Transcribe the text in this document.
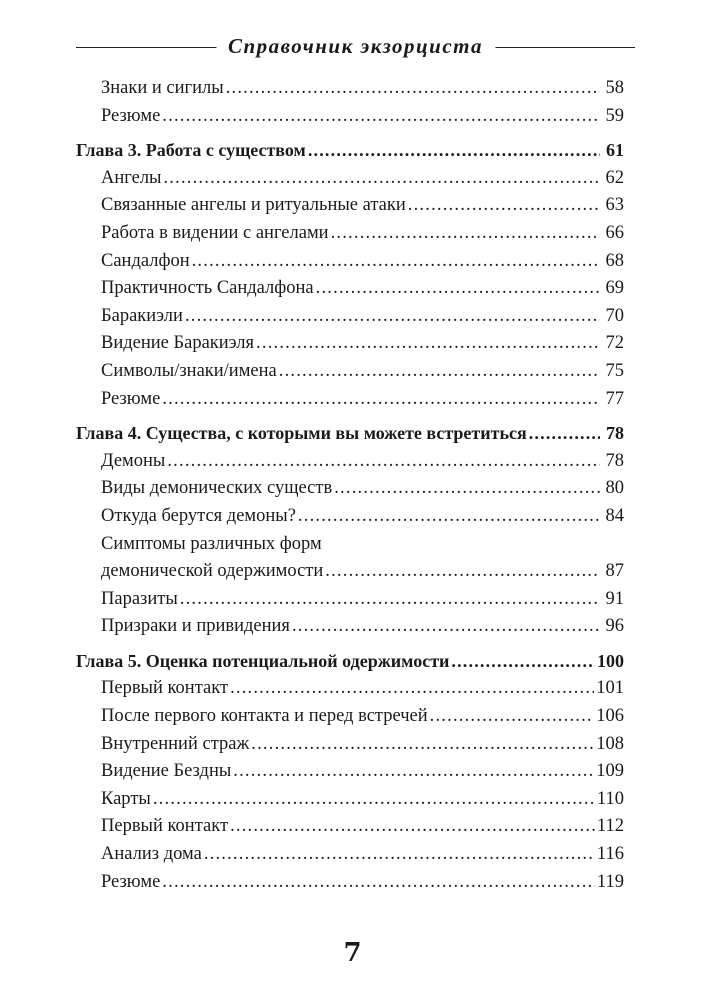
Справочник экзорциста
Знаки и сигилы .....	58
Резюме .....	59
Глава 3. Работа с существом .....	61
Ангелы .....	62
Связанные ангелы и ритуальные атаки .....	63
Работа в видении с ангелами .....	66
Сандалфон .....	68
Практичность Сандалфона .....	69
Баракиэли .....	70
Видение Баракиэля .....	72
Символы/знаки/имена .....	75
Резюме .....	77
Глава 4. Существа, с которыми вы можете встретиться .....	78
Демоны .....	78
Виды демонических существ .....	80
Откуда берутся демоны? .....	84
Симптомы различных форм
демонической одержимости .....	87
Паразиты .....	91
Призраки и привидения .....	96
Глава 5. Оценка потенциальной одержимости .....	100
Первый контакт .....	101
После первого контакта и перед встречей .....	106
Внутренний страж .....	108
Видение Бездны .....	109
Карты .....	110
Первый контакт .....	112
Анализ дома .....	116
Резюме .....	119
7
